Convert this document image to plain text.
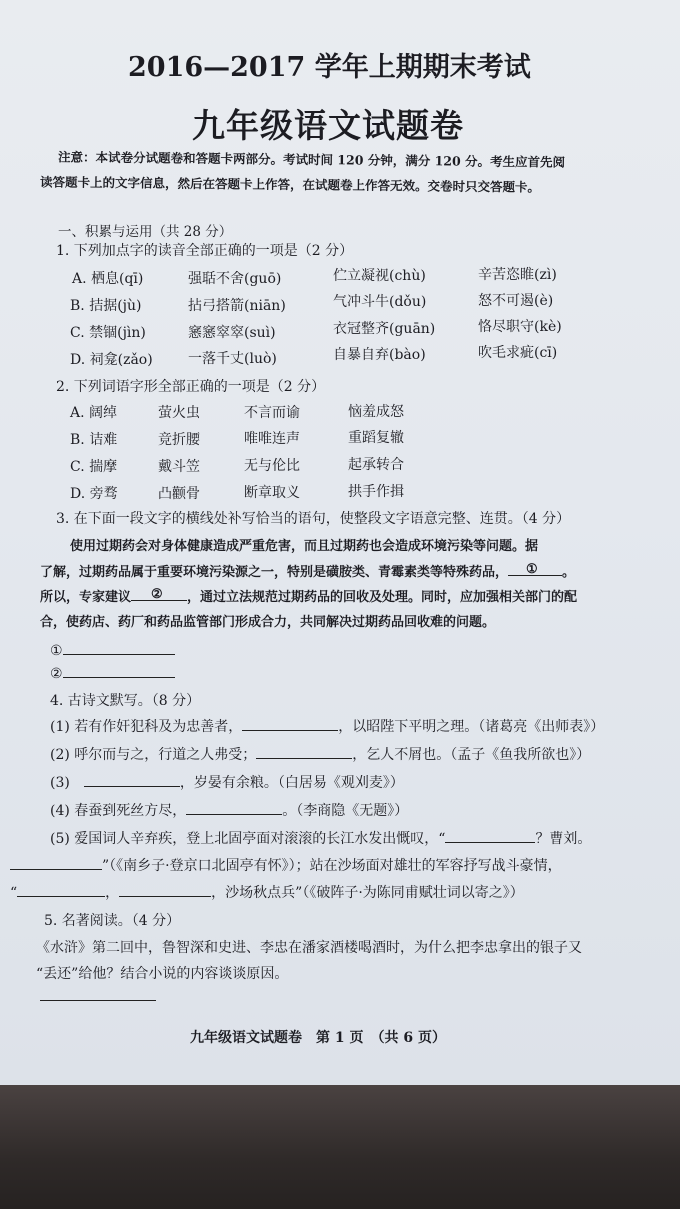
2016—2017 学年上期期末考试
九年级语文试题卷
注意：本试卷分试题卷和答题卡两部分。考试时间 120 分钟，满分 120 分。考生应首先阅
读答题卡上的文字信息，然后在答题卡上作答，在试题卷上作答无效。交卷时只交答题卡。
一、积累与运用（共 28 分）
1. 下列加点字的读音全部正确的一项是（2 分）
A. 栖息(qī)	强聒不舍(guō)	伫立凝视(chù)	辛苦恣睢(zì)
B. 拮据(jù)	拈弓搭箭(niān)	气冲斗牛(dǒu)	怒不可遏(è)
C. 禁锢(jìn)	窸窸窣窣(suì)	衣冠整齐(guān)	恪尽职守(kè)
D. 祠龛(zǎo)	一落千丈(luò)	自暴自弃(bào)	吹毛求疵(cī)
2. 下列词语字形全部正确的一项是（2 分）
A. 阔绰	萤火虫	不言而谕	恼羞成怒
B. 诘难	竞折腰	唯唯连声	重蹈复辙
C. 揣摩	戴斗笠	无与伦比	起承转合
D. 旁骛	凸颧骨	断章取义	拱手作揖
3. 在下面一段文字的横线处补写恰当的语句，使整段文字语意完整、连贯。（4 分）
使用过期药会对身体健康造成严重危害，而且过期药也会造成环境污染等问题。据
了解，过期药品属于重要环境污染源之一，特别是磺胺类、青霉素类等特殊药品， ① 。
所以，专家建议 ② ，通过立法规范过期药品的回收及处理。同时，应加强相关部门的配
合，使药店、药厂和药品监管部门形成合力，共同解决过期药品回收难的问题。
①
②
4. 古诗文默写。（8 分）
(1) 若有作奸犯科及为忠善者，	，以昭陛下平明之理。（诸葛亮《出师表》）
(2) 呼尔而与之，行道之人弗受；	，乞人不屑也。（孟子《鱼我所欲也》）
(3)	，岁晏有余粮。（白居易《观刈麦》）
(4) 春蚕到死丝方尽，	。（李商隐《无题》）
(5) 爱国词人辛弃疾，登上北固亭面对滚滚的长江水发出慨叹，“	？曹刘。
”（《南乡子·登京口北固亭有怀》）；站在沙场面对雄壮的军容抒写战斗豪情，
“	，	，沙场秋点兵”（《破阵子·为陈同甫赋壮词以寄之》）
5. 名著阅读。（4 分）
《水浒》第二回中，鲁智深和史进、李忠在潘家酒楼喝酒时，为什么把李忠拿出的银子又
“丢还”给他？结合小说的内容谈谈原因。
九年级语文试题卷　第 1 页　（共 6 页）
